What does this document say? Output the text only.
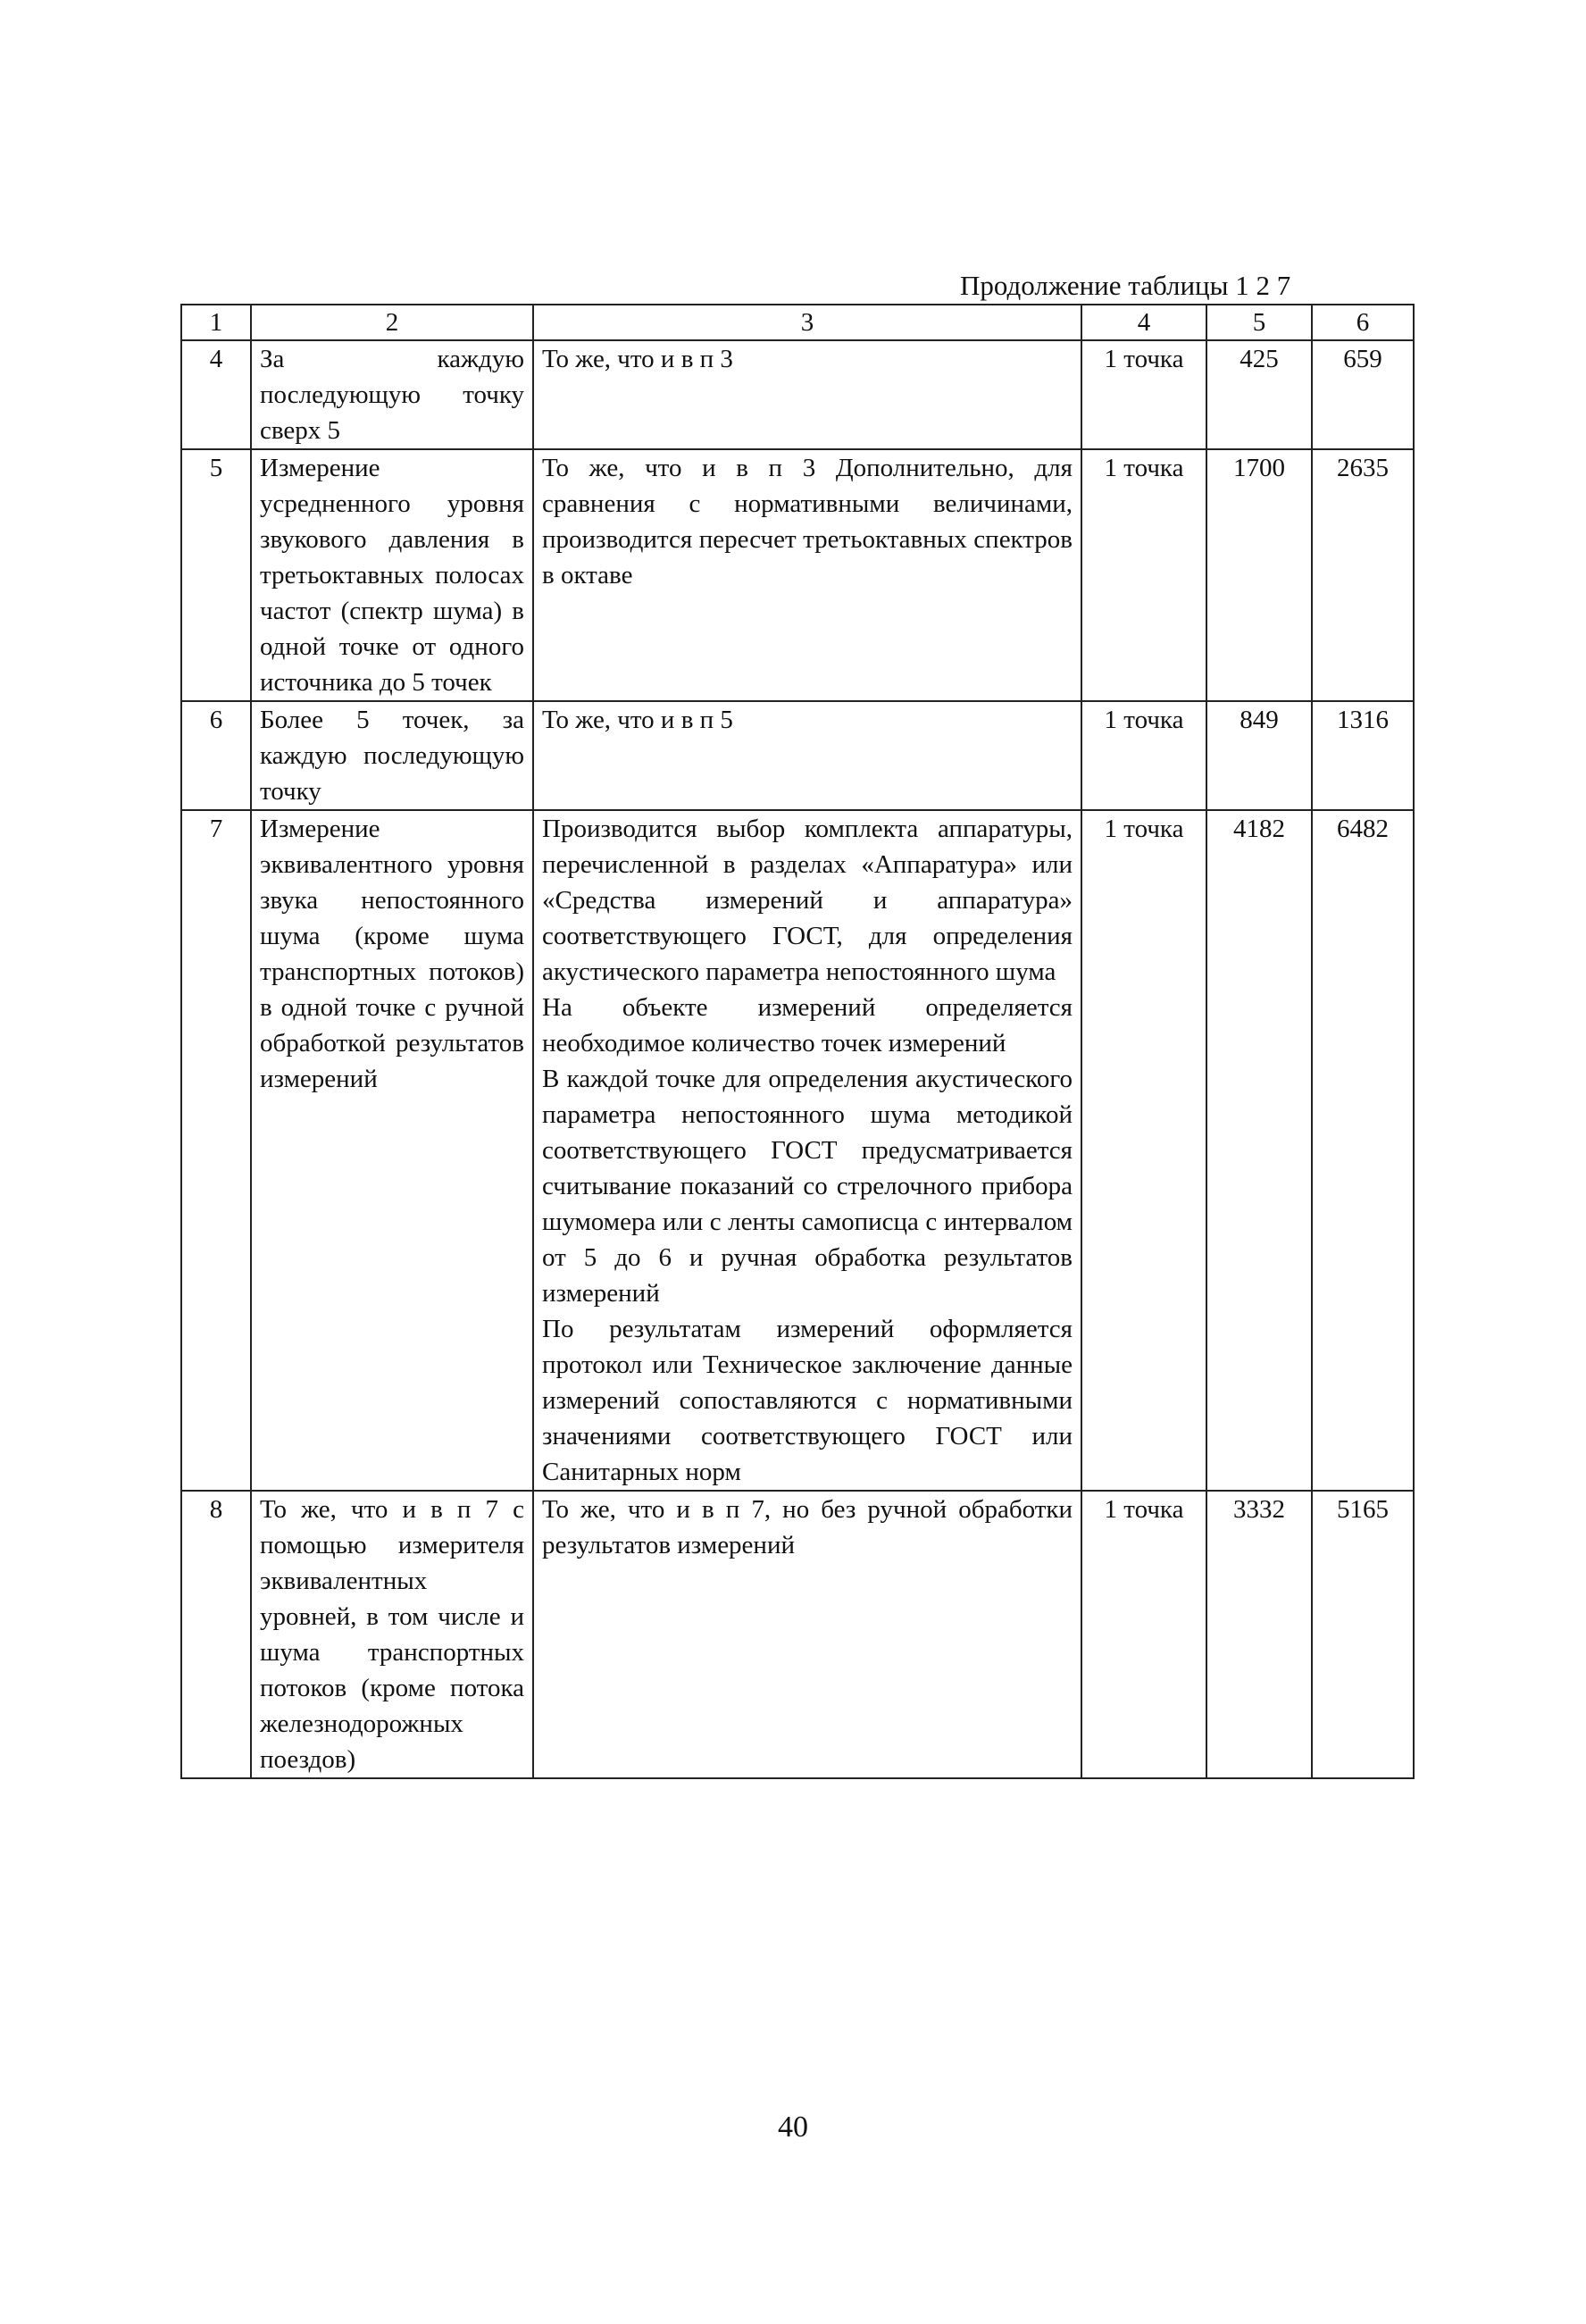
Продолжение таблицы 1 2 7
1	2	3	4	5	6
4	За каждую последующую точку сверх 5	То же, что и в п 3	1 точка	425	659
5	Измерение усредненного уровня звукового давления в третьоктавных полосах частот (спектр шума) в одной точке от одного источника до 5 точек	То же, что и в п 3 Дополнительно, для сравнения с нормативными величинами, производится пересчет третьоктавных спектров в октаве	1 точка	1700	2635
6	Более 5 точек, за каждую последующую точку	То же, что и в п 5	1 точка	849	1316
7	Измерение эквивалентного уровня звука непостоянного шума (кроме шума транспортных потоков) в одной точке с ручной обработкой результатов измерений	Производится выбор комплекта аппаратуры, перечисленной в разделах «Аппаратура» или «Средства измерений и аппаратура» соответствующего ГОСТ, для определения акустического параметра непостоянного шума
На объекте измерений определяется необходимое количество точек измерений
В каждой точке для определения акустического параметра непостоянного шума методикой соответствующего ГОСТ предусматривается считывание показаний со стрелочного прибора шумомера или с ленты самописца с интервалом от 5 до 6 и ручная обработка результатов измерений
По результатам измерений оформляется протокол или Техническое заключение данные измерений сопоставляются с нормативными значениями соответствующего ГОСТ или Санитарных норм	1 точка	4182	6482
8	То же, что и в п 7 с помощью измерителя эквивалентных уровней, в том числе и шума транспортных потоков (кроме потока железнодорожных поездов)	То же, что и в п 7, но без ручной обработки результатов измерений	1 точка	3332	5165
40
